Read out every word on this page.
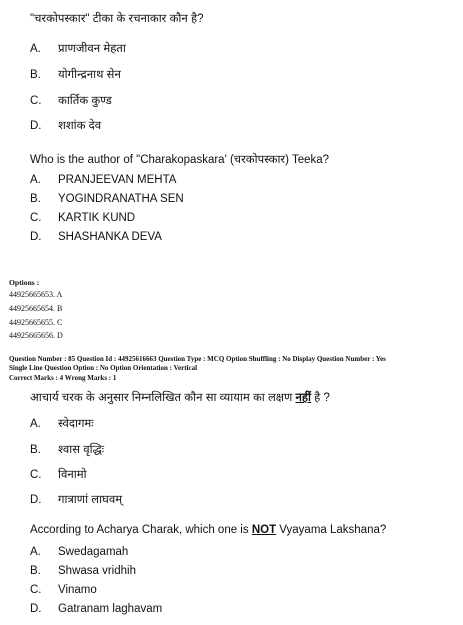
"चरकोपस्कार" टीका के रचनाकार कौन है?
A. प्राणजीवन मेहता
B. योगीन्द्रनाथ सेन
C. कार्तिक कुण्ड
D. शशांक देव
Who is the author of "Charakopaskara' (चरकोपस्कार) Teeka?
A. PRANJEEVAN MEHTA
B. YOGINDRANATHA SEN
C. KARTIK KUND
D. SHASHANKA DEVA
Options :
44925665653. A
44925665654. B
44925665655. C
44925665656. D
Question Number : 85 Question Id : 44925616663 Question Type : MCQ Option Shuffling : No Display Question Number : Yes
Single Line Question Option : No Option Orientation : Vertical
Correct Marks : 4 Wrong Marks : 1
आचार्य चरक के अनुसार निम्नलिखित कौन सा व्यायाम का लक्षण नहीं है ?
A. स्वेदागमः
B. श्वास वृद्धिः
C. विनामो
D. गात्राणां लाघवम्
According to Acharya Charak, which one is NOT Vyayama Lakshana?
A. Swedagamah
B. Shwasa vridhih
C. Vinamo
D. Gatranam laghavam
